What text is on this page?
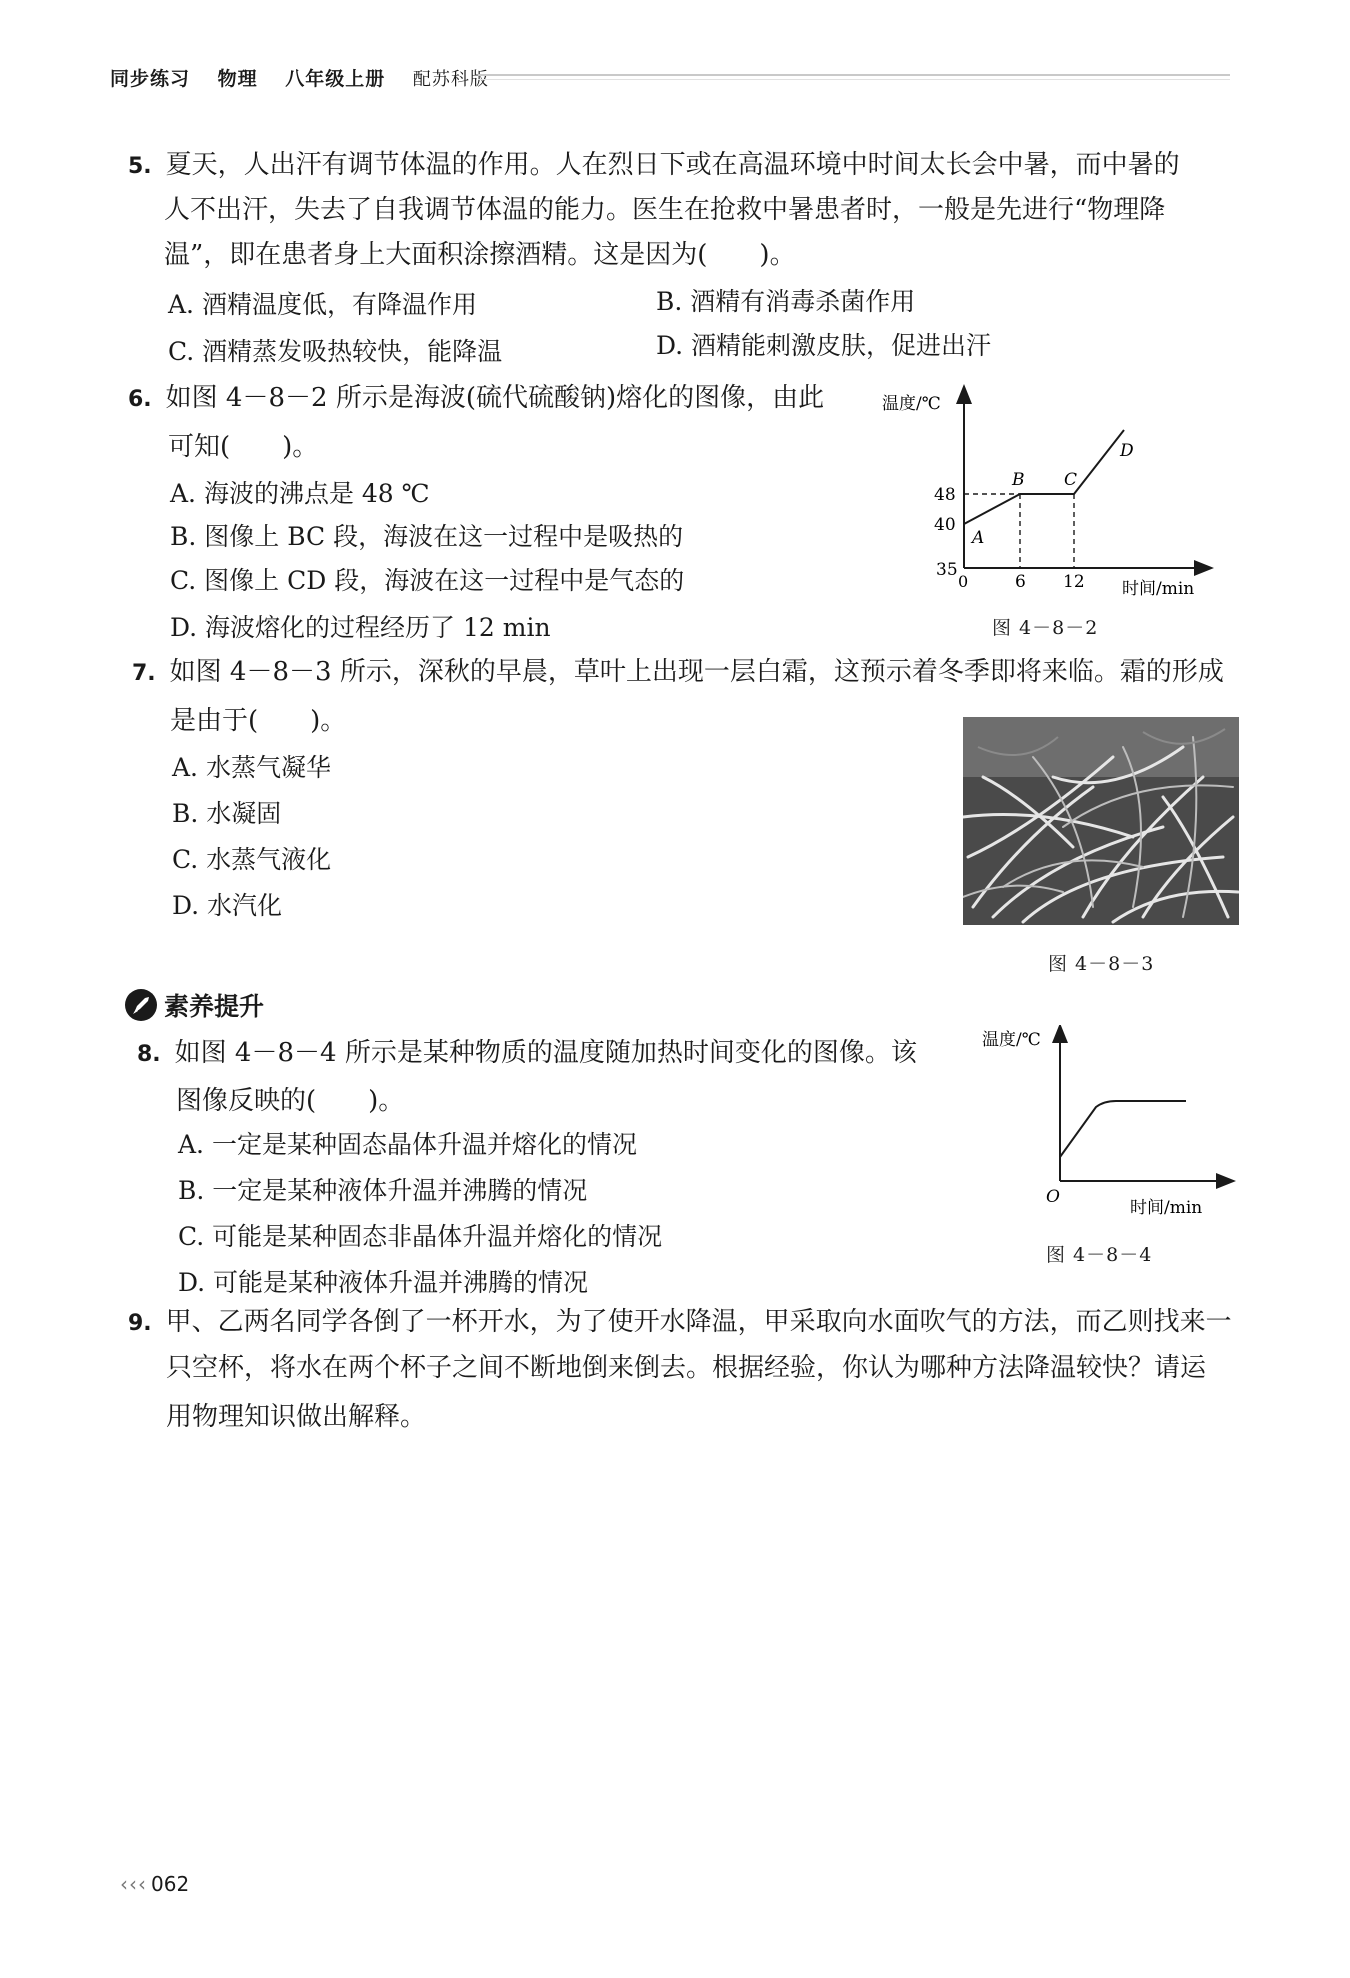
同步练习 物理 八年级上册 配苏科版
5. 夏天，人出汗有调节体温的作用。人在烈日下或在高温环境中时间太长会中暑，而中暑的
人不出汗，失去了自我调节体温的能力。医生在抢救中暑患者时，一般是先进行“物理降
温”，即在患者身上大面积涂擦酒精。这是因为(　　)。
A. 酒精温度低，有降温作用	B. 酒精有消毒杀菌作用
C. 酒精蒸发吸热较快，能降温	D. 酒精能刺激皮肤，促进出汗
6. 如图 4－8－2 所示是海波(硫代硫酸钠)熔化的图像，由此
可知(　　)。
A. 海波的沸点是 48 ℃
B. 图像上 BC 段，海波在这一过程中是吸热的
C. 图像上 CD 段，海波在这一过程中是气态的
D. 海波熔化的过程经历了 12 min
温度/℃
时间/min
48
40
35
0	6 12
A
B C
D
图 4－8－2
7. 如图 4－8－3 所示，深秋的早晨，草叶上出现一层白霜，这预示着冬季即将来临。霜的形成
是由于(　　)。
A. 水蒸气凝华
B. 水凝固
C. 水蒸气液化
D. 水汽化
图 4－8－3
素养提升
8. 如图 4－8－4 所示是某种物质的温度随加热时间变化的图像。该
图像反映的(　　)。
A. 一定是某种固态晶体升温并熔化的情况
B. 一定是某种液体升温并沸腾的情况
C. 可能是某种固态非晶体升温并熔化的情况
D. 可能是某种液体升温并沸腾的情况
温度/℃
时间/min
O
图 4－8－4
9. 甲、乙两名同学各倒了一杯开水，为了使开水降温，甲采取向水面吹气的方法，而乙则找来一
只空杯，将水在两个杯子之间不断地倒来倒去。根据经验，你认为哪种方法降温较快？请运
用物理知识做出解释。
‹‹‹ 062
